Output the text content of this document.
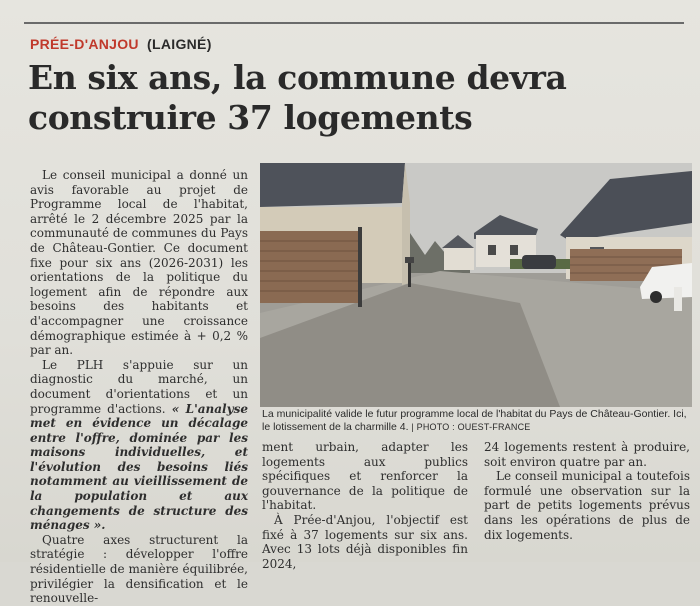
PRÉE-D'ANJOU (LAIGNÉ)
En six ans, la commune devra
construire 37 logements

Le conseil municipal a donné un avis favorable au projet de Programme local de l'habitat, arrêté le 2 décembre 2025 par la communauté de communes du Pays de Château-Gontier. Ce document fixe pour six ans (2026-2031) les orientations de la politique du logement afin de répondre aux besoins des habitants et d'accompagner une croissance démographique estimée à + 0,2 % par an.

Le PLH s'appuie sur un diagnostic du marché, un document d'orientations et un programme d'actions. « L'analyse met en évidence un décalage entre l'offre, dominée par les maisons individuelles, et l'évolution des besoins liés notamment au vieillissement de la population et aux changements de structure des ménages ».

Quatre axes structurent la stratégie : développer l'offre résidentielle de manière équilibrée, privilégier la densification et le renouvelle-

La municipalité valide le futur programme local de l'habitat du Pays de Château-Gontier. Ici, le lotissement de la charmille 4. | PHOTO : OUEST-FRANCE

ment urbain, adapter les logements aux publics spécifiques et renforcer la gouvernance de la politique de l'habitat.

À Prée-d'Anjou, l'objectif est fixé à 37 logements sur six ans. Avec 13 lots déjà disponibles fin 2024,

24 logements restent à produire, soit environ quatre par an.

Le conseil municipal a toutefois formulé une observation sur la part de petits logements prévus dans les opérations de plus de dix logements.
